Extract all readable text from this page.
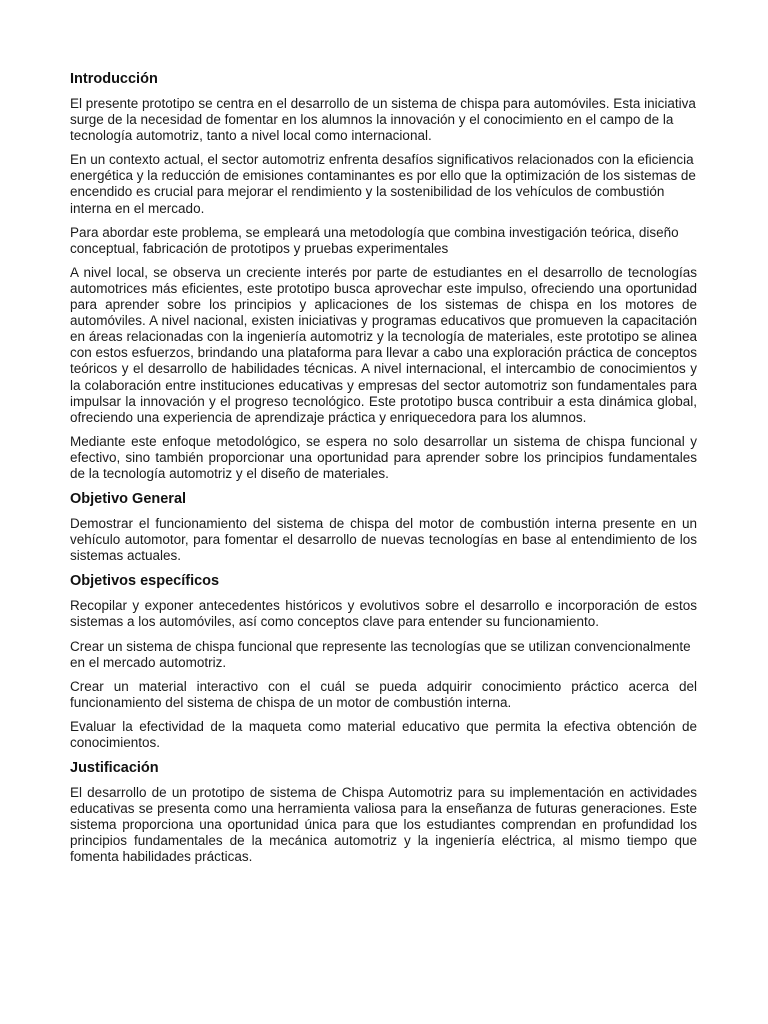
Introducción

El presente prototipo se centra en el desarrollo de un sistema de chispa para automóviles. Esta iniciativa surge de la necesidad de fomentar en los alumnos la innovación y el conocimiento en el campo de la tecnología automotriz, tanto a nivel local como internacional.

En un contexto actual, el sector automotriz enfrenta desafíos significativos relacionados con la eficiencia energética y la reducción de emisiones contaminantes es por ello que la optimización de los sistemas de encendido es crucial para mejorar el rendimiento y la sostenibilidad de los vehículos de combustión interna en el mercado.

Para abordar este problema, se empleará una metodología que combina investigación teórica, diseño conceptual, fabricación de prototipos y pruebas experimentales

A nivel local, se observa un creciente interés por parte de estudiantes en el desarrollo de tecnologías automotrices más eficientes, este prototipo busca aprovechar este impulso, ofreciendo una oportunidad para aprender sobre los principios y aplicaciones de los sistemas de chispa en los motores de automóviles. A nivel nacional, existen iniciativas y programas educativos que promueven la capacitación en áreas relacionadas con la ingeniería automotriz y la tecnología de materiales, este prototipo se alinea con estos esfuerzos, brindando una plataforma para llevar a cabo una exploración práctica de conceptos teóricos y el desarrollo de habilidades técnicas. A nivel internacional, el intercambio de conocimientos y la colaboración entre instituciones educativas y empresas del sector automotriz son fundamentales para impulsar la innovación y el progreso tecnológico. Este prototipo busca contribuir a esta dinámica global, ofreciendo una experiencia de aprendizaje práctica y enriquecedora para los alumnos.

Mediante este enfoque metodológico, se espera no solo desarrollar un sistema de chispa funcional y efectivo, sino también proporcionar una oportunidad para aprender sobre los principios fundamentales de la tecnología automotriz y el diseño de materiales.

Objetivo General

Demostrar el funcionamiento del sistema de chispa del motor de combustión interna presente en un vehículo automotor, para fomentar el desarrollo de nuevas tecnologías en base al entendimiento de los sistemas actuales.

Objetivos específicos

Recopilar y exponer antecedentes históricos y evolutivos sobre el desarrollo e incorporación de estos sistemas a los automóviles, así como conceptos clave para entender su funcionamiento.

Crear un sistema de chispa funcional que represente las tecnologías que se utilizan convencionalmente en el mercado automotriz.

Crear un material interactivo con el cuál se pueda adquirir conocimiento práctico acerca del funcionamiento del sistema de chispa de un motor de combustión interna.

Evaluar la efectividad de la maqueta como material educativo que permita la efectiva obtención de conocimientos.

Justificación

El desarrollo de un prototipo de sistema de Chispa Automotriz para su implementación en actividades educativas se presenta como una herramienta valiosa para la enseñanza de futuras generaciones. Este sistema proporciona una oportunidad única para que los estudiantes comprendan en profundidad los principios fundamentales de la mecánica automotriz y la ingeniería eléctrica, al mismo tiempo que fomenta habilidades prácticas.
